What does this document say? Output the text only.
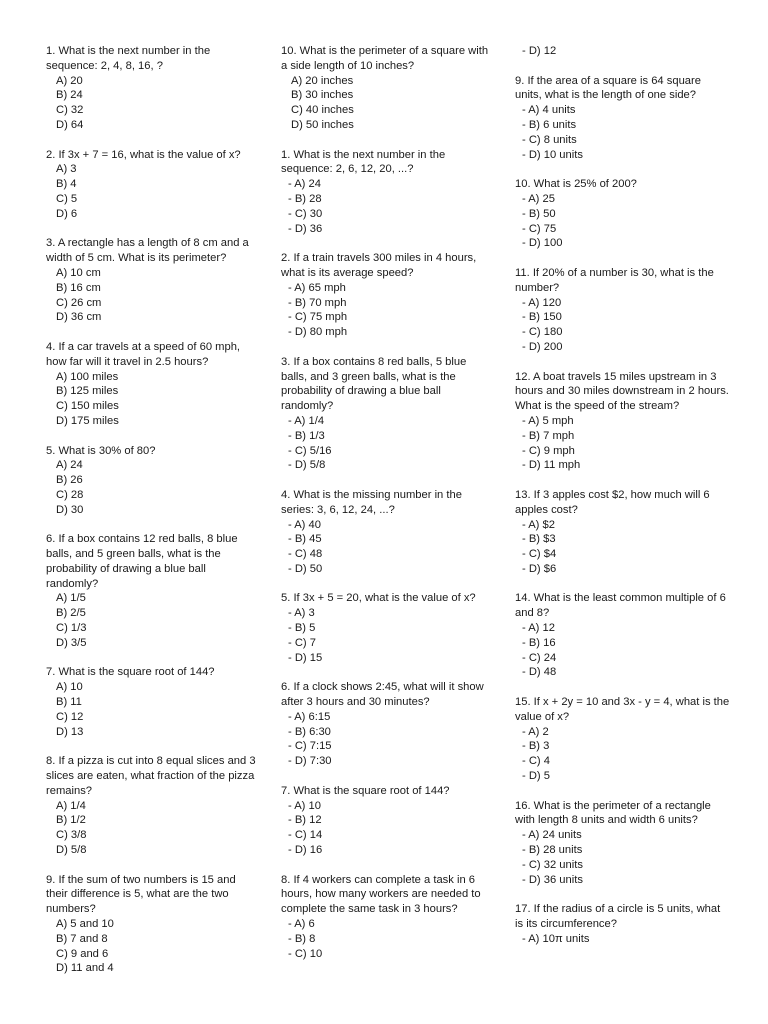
1. What is the next number in the sequence: 2, 4, 8, 16, ?
A) 20
B) 24
C) 32
D) 64
2. If 3x + 7 = 16, what is the value of x?
A) 3
B) 4
C) 5
D) 6
3. A rectangle has a length of 8 cm and a width of 5 cm. What is its perimeter?
A) 10 cm
B) 16 cm
C) 26 cm
D) 36 cm
4. If a car travels at a speed of 60 mph, how far will it travel in 2.5 hours?
A) 100 miles
B) 125 miles
C) 150 miles
D) 175 miles
5. What is 30% of 80?
A) 24
B) 26
C) 28
D) 30
6. If a box contains 12 red balls, 8 blue balls, and 5 green balls, what is the probability of drawing a blue ball randomly?
A) 1/5
B) 2/5
C) 1/3
D) 3/5
7. What is the square root of 144?
A) 10
B) 11
C) 12
D) 13
8. If a pizza is cut into 8 equal slices and 3 slices are eaten, what fraction of the pizza remains?
A) 1/4
B) 1/2
C) 3/8
D) 5/8
9. If the sum of two numbers is 15 and their difference is 5, what are the two numbers?
A) 5 and 10
B) 7 and 8
C) 9 and 6
D) 11 and 4
10. What is the perimeter of a square with a side length of 10 inches?
A) 20 inches
B) 30 inches
C) 40 inches
D) 50 inches
1. What is the next number in the sequence: 2, 6, 12, 20, ...?
- A) 24
- B) 28
- C) 30
- D) 36
2. If a train travels 300 miles in 4 hours, what is its average speed?
- A) 65 mph
- B) 70 mph
- C) 75 mph
- D) 80 mph
3. If a box contains 8 red balls, 5 blue balls, and 3 green balls, what is the probability of drawing a blue ball randomly?
- A) 1/4
- B) 1/3
- C) 5/16
- D) 5/8
4. What is the missing number in the series: 3, 6, 12, 24, ...?
- A) 40
- B) 45
- C) 48
- D) 50
5. If 3x + 5 = 20, what is the value of x?
- A) 3
- B) 5
- C) 7
- D) 15
6. If a clock shows 2:45, what will it show after 3 hours and 30 minutes?
- A) 6:15
- B) 6:30
- C) 7:15
- D) 7:30
7. What is the square root of 144?
- A) 10
- B) 12
- C) 14
- D) 16
8. If 4 workers can complete a task in 6 hours, how many workers are needed to complete the same task in 3 hours?
- A) 6
- B) 8
- C) 10
- D) 12
9. If the area of a square is 64 square units, what is the length of one side?
- A) 4 units
- B) 6 units
- C) 8 units
- D) 10 units
10. What is 25% of 200?
- A) 25
- B) 50
- C) 75
- D) 100
11. If 20% of a number is 30, what is the number?
- A) 120
- B) 150
- C) 180
- D) 200
12. A boat travels 15 miles upstream in 3 hours and 30 miles downstream in 2 hours. What is the speed of the stream?
- A) 5 mph
- B) 7 mph
- C) 9 mph
- D) 11 mph
13. If 3 apples cost $2, how much will 6 apples cost?
- A) $2
- B) $3
- C) $4
- D) $6
14. What is the least common multiple of 6 and 8?
- A) 12
- B) 16
- C) 24
- D) 48
15. If x + 2y = 10 and 3x - y = 4, what is the value of x?
- A) 2
- B) 3
- C) 4
- D) 5
16. What is the perimeter of a rectangle with length 8 units and width 6 units?
- A) 24 units
- B) 28 units
- C) 32 units
- D) 36 units
17. If the radius of a circle is 5 units, what is its circumference?
- A) 10π units
